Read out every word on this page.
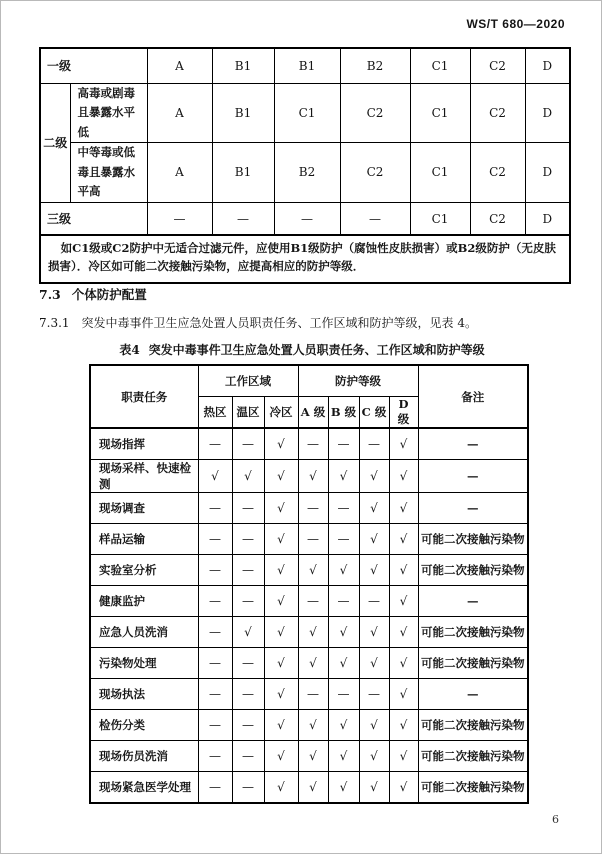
WS/T 680—2020
一级		A	B1	B1	B2	C1	C2	D
二级	高毒或剧毒且暴露水平低	A	B1	C1	C2	C1	C2	D
	中等毒或低毒且暴露水平高	A	B1	B2	C2	C1	C2	D
三级		—	—	—	—	C1	C2	D
如C1级或C2防护中无适合过滤元件，应使用B1级防护（腐蚀性皮肤损害）或B2级防护（无皮肤损害）．冷区如可能二次接触污染物，应提高相应的防护等级．								
7.3 个体防护配置
7.3.1 突发中毒事件卫生应急处置人员职责任务、工作区域和防护等级，见表 4。
表4 突发中毒事件卫生应急处置人员职责任务、工作区域和防护等级
职责任务	工作区域			防护等级				备注
	热区	温区	冷区	A 级	B 级	C 级	D 级	
现场指挥	—	—	√	—	—	—	√	—
现场采样、快速检测	√	√	√	√	√	√	√	—
现场调查	—	—	√	—	—	√	√	—
样品运输	—	—	√	—	—	√	√	可能二次接触污染物
实验室分析	—	—	√	√	√	√	√	可能二次接触污染物
健康监护	—	—	√	—	—	—	√	—
应急人员洗消	—	√	√	√	√	√	√	可能二次接触污染物
污染物处理	—	—	√	√	√	√	√	可能二次接触污染物
现场执法	—	—	√	—	—	—	√	—
检伤分类	—	—	√	√	√	√	√	可能二次接触污染物
现场伤员洗消	—	—	√	√	√	√	√	可能二次接触污染物
现场紧急医学处理	—	—	√	√	√	√	√	可能二次接触污染物
6
